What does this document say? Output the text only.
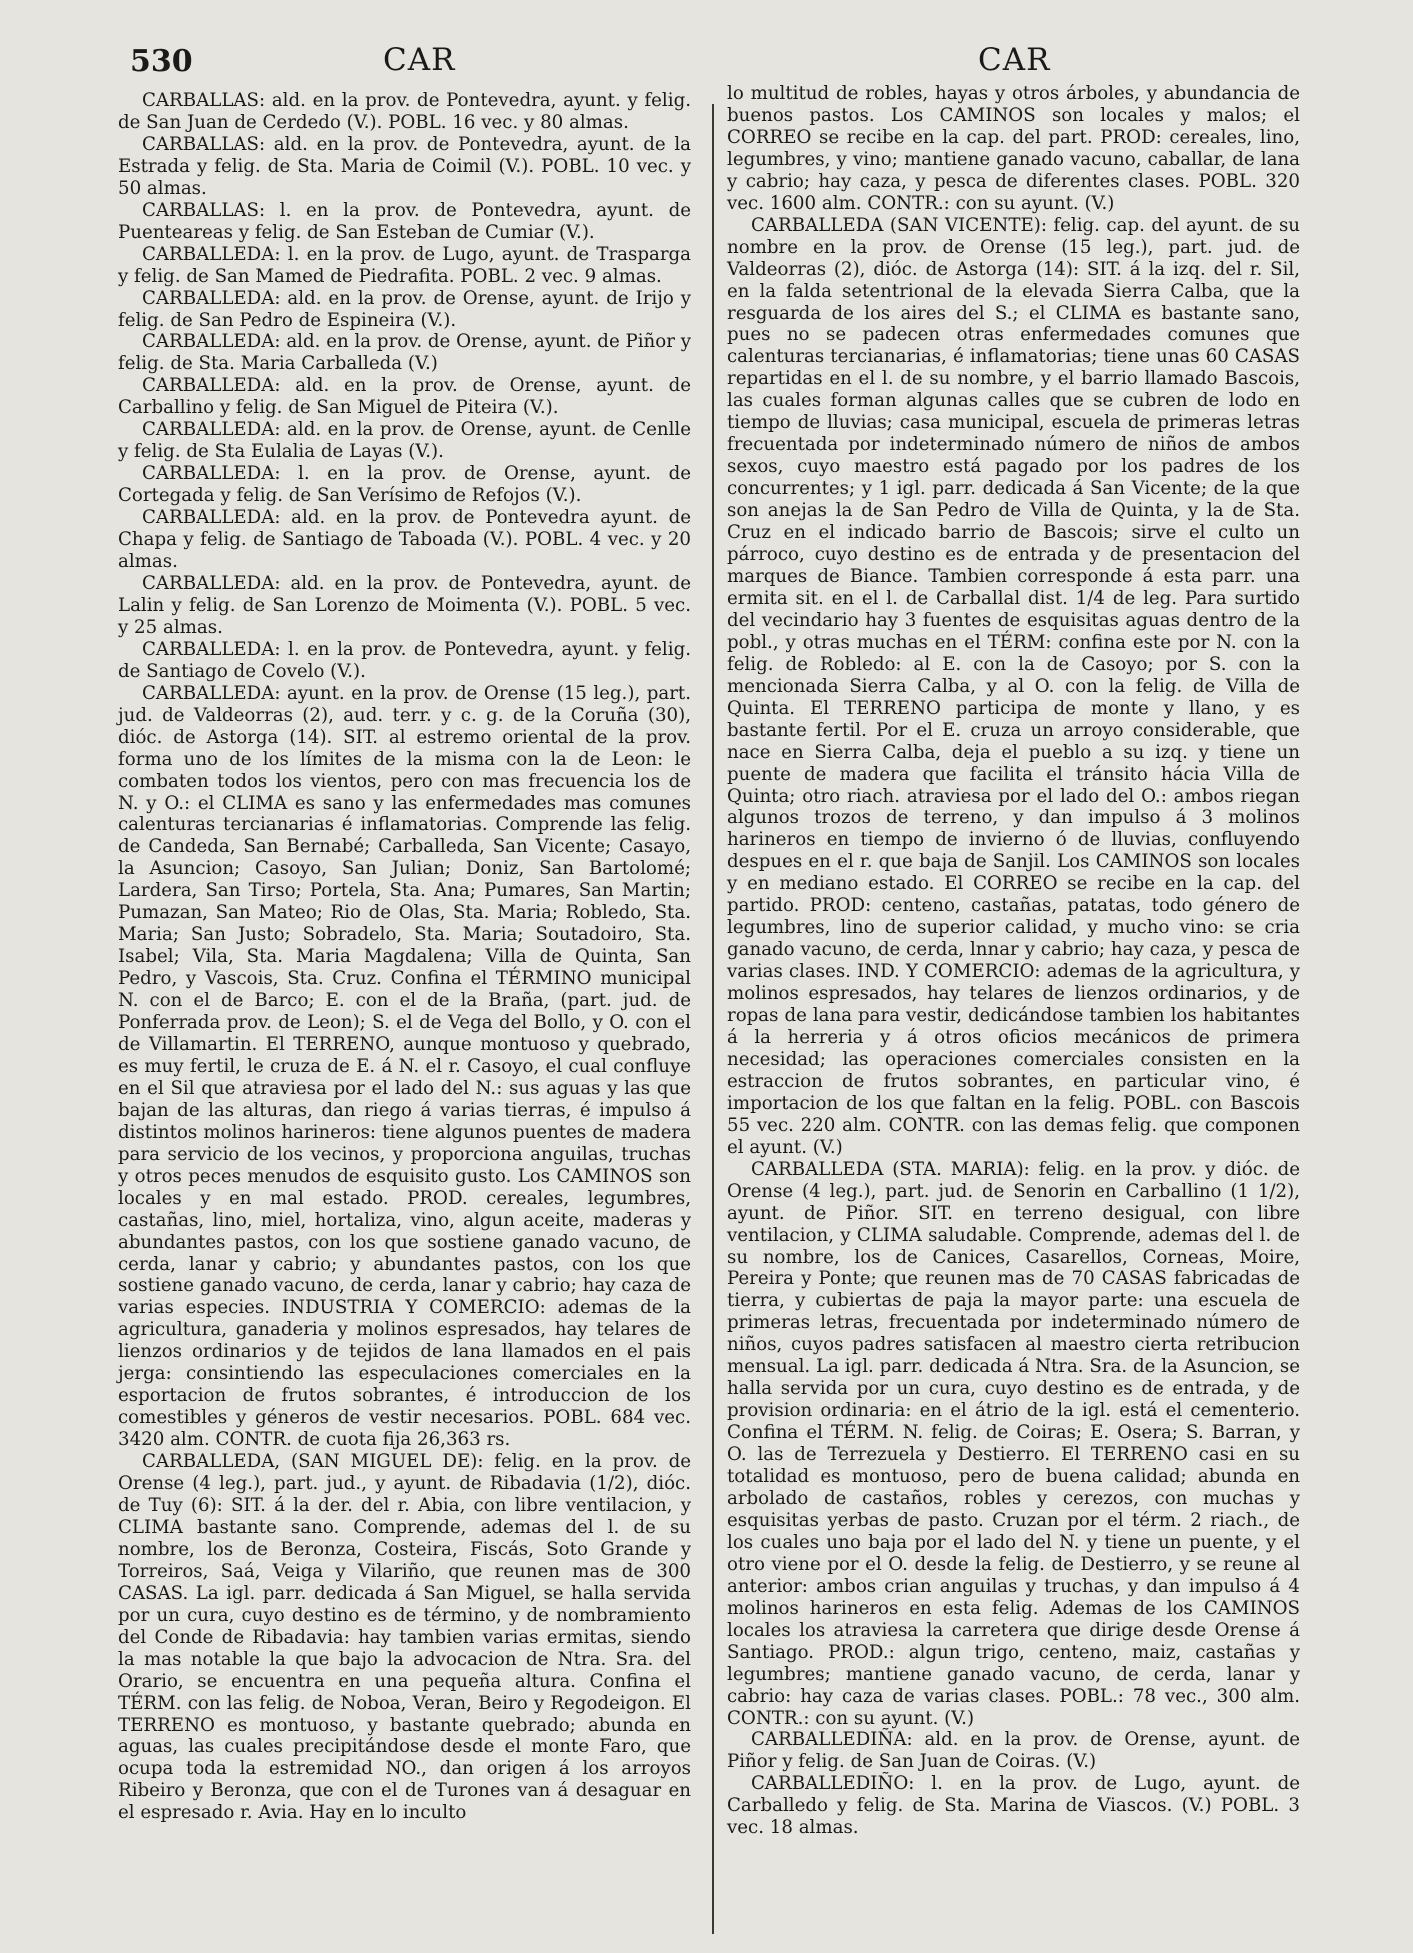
530	CAR	CAR

CARBALLAS: ald. en la prov. de Pontevedra, ayunt. y felig. de San Juan de Cerdedo (V.). POBL. 16 vec. y 80 almas.

CARBALLAS: ald. en la prov. de Pontevedra, ayunt. de la Estrada y felig. de Sta. Maria de Coimil (V.). POBL. 10 vec. y 50 almas.

CARBALLAS: l. en la prov. de Pontevedra, ayunt. de Puenteareas y felig. de San Esteban de Cumiar (V.).

CARBALLEDA: l. en la prov. de Lugo, ayunt. de Trasparga y felig. de San Mamed de Piedrafita. POBL. 2 vec. 9 almas.

CARBALLEDA: ald. en la prov. de Orense, ayunt. de Irijo y felig. de San Pedro de Espineira (V.).

CARBALLEDA: ald. en la prov. de Orense, ayunt. de Piñor y felig. de Sta. Maria Carballeda (V.)

CARBALLEDA: ald. en la prov. de Orense, ayunt. de Carballino y felig. de San Miguel de Piteira (V.).

CARBALLEDA: ald. en la prov. de Orense, ayunt. de Cenlle y felig. de Sta Eulalia de Layas (V.).

CARBALLEDA: l. en la prov. de Orense, ayunt. de Cortegada y felig. de San Verísimo de Refojos (V.).

CARBALLEDA: ald. en la prov. de Pontevedra ayunt. de Chapa y felig. de Santiago de Taboada (V.). POBL. 4 vec. y 20 almas.

CARBALLEDA: ald. en la prov. de Pontevedra, ayunt. de Lalin y felig. de San Lorenzo de Moimenta (V.). POBL. 5 vec. y 25 almas.

CARBALLEDA: l. en la prov. de Pontevedra, ayunt. y felig. de Santiago de Covelo (V.).

CARBALLEDA: ayunt. en la prov. de Orense (15 leg.), part. jud. de Valdeorras (2), aud. terr. y c. g. de la Coruña (30), dióc. de Astorga (14). SIT. al estremo oriental de la prov. forma uno de los límites de la misma con la de Leon: le combaten todos los vientos, pero con mas frecuencia los de N. y O.: el CLIMA es sano y las enfermedades mas comunes calenturas tercianarias é inflamatorias. Comprende las felig. de Candeda, San Bernabé; Carballeda, San Vicente; Casayo, la Asuncion; Casoyo, San Julian; Doniz, San Bartolomé; Lardera, San Tirso; Portela, Sta. Ana; Pumares, San Martin; Pumazan, San Mateo; Rio de Olas, Sta. Maria; Robledo, Sta. Maria; San Justo; Sobradelo, Sta. Maria; Soutadoiro, Sta. Isabel; Vila, Sta. Maria Magdalena; Villa de Quinta, San Pedro, y Vascois, Sta. Cruz. Confina el TÉRMINO municipal N. con el de Barco; E. con el de la Braña, (part. jud. de Ponferrada prov. de Leon); S. el de Vega del Bollo, y O. con el de Villamartin. El TERRENO, aunque montuoso y quebrado, es muy fertil, le cruza de E. á N. el r. Casoyo, el cual confluye en el Sil que atraviesa por el lado del N.: sus aguas y las que bajan de las alturas, dan riego á varias tierras, é impulso á distintos molinos harineros: tiene algunos puentes de madera para servicio de los vecinos, y proporciona anguilas, truchas y otros peces menudos de esquisito gusto. Los CAMINOS son locales y en mal estado. PROD. cereales, legumbres, castañas, lino, miel, hortaliza, vino, algun aceite, maderas y abundantes pastos, con los que sostiene ganado vacuno, de cerda, lanar y cabrio; y abundantes pastos, con los que sostiene ganado vacuno, de cerda, lanar y cabrio; hay caza de varias especies. INDUSTRIA Y COMERCIO: ademas de la agricultura, ganaderia y molinos espresados, hay telares de lienzos ordinarios y de tejidos de lana llamados en el pais jerga: consintiendo las especulaciones comerciales en la esportacion de frutos sobrantes, é introduccion de los comestibles y géneros de vestir necesarios. POBL. 684 vec. 3420 alm. CONTR. de cuota fija 26,363 rs.

CARBALLEDA, (SAN MIGUEL DE): felig. en la prov. de Orense (4 leg.), part. jud., y ayunt. de Ribadavia (1/2), dióc. de Tuy (6): SIT. á la der. del r. Abia, con libre ventilacion, y CLIMA bastante sano. Comprende, ademas del l. de su nombre, los de Beronza, Costeira, Fiscás, Soto Grande y Torreiros, Saá, Veiga y Vilariño, que reunen mas de 300 CASAS. La igl. parr. dedicada á San Miguel, se halla servida por un cura, cuyo destino es de término, y de nombramiento del Conde de Ribadavia: hay tambien varias ermitas, siendo la mas notable la que bajo la advocacion de Ntra. Sra. del Orario, se encuentra en una pequeña altura. Confina el TÉRM. con las felig. de Noboa, Veran, Beiro y Regodeigon. El TERRENO es montuoso, y bastante quebrado; abunda en aguas, las cuales precipitándose desde el monte Faro, que ocupa toda la estremidad NO., dan origen á los arroyos Ribeiro y Beronza, que con el de Turones van á desaguar en el espresado r. Avia. Hay en lo inculto

lo multitud de robles, hayas y otros árboles, y abundancia de buenos pastos. Los CAMINOS son locales y malos; el CORREO se recibe en la cap. del part. PROD: cereales, lino, legumbres, y vino; mantiene ganado vacuno, caballar, de lana y cabrio; hay caza, y pesca de diferentes clases. POBL. 320 vec. 1600 alm. CONTR.: con su ayunt. (V.)

CARBALLEDA (SAN VICENTE): felig. cap. del ayunt. de su nombre en la prov. de Orense (15 leg.), part. jud. de Valdeorras (2), dióc. de Astorga (14): SIT. á la izq. del r. Sil, en la falda setentrional de la elevada Sierra Calba, que la resguarda de los aires del S.; el CLIMA es bastante sano, pues no se padecen otras enfermedades comunes que calenturas tercianarias, é inflamatorias; tiene unas 60 CASAS repartidas en el l. de su nombre, y el barrio llamado Bascois, las cuales forman algunas calles que se cubren de lodo en tiempo de lluvias; casa municipal, escuela de primeras letras frecuentada por indeterminado número de niños de ambos sexos, cuyo maestro está pagado por los padres de los concurrentes; y 1 igl. parr. dedicada á San Vicente; de la que son anejas la de San Pedro de Villa de Quinta, y la de Sta. Cruz en el indicado barrio de Bascois; sirve el culto un párroco, cuyo destino es de entrada y de presentacion del marques de Biance. Tambien corresponde á esta parr. una ermita sit. en el l. de Carballal dist. 1/4 de leg. Para surtido del vecindario hay 3 fuentes de esquisitas aguas dentro de la pobl., y otras muchas en el TÉRM: confina este por N. con la felig. de Robledo: al E. con la de Casoyo; por S. con la mencionada Sierra Calba, y al O. con la felig. de Villa de Quinta. El TERRENO participa de monte y llano, y es bastante fertil. Por el E. cruza un arroyo considerable, que nace en Sierra Calba, deja el pueblo a su izq. y tiene un puente de madera que facilita el tránsito hácia Villa de Quinta; otro riach. atraviesa por el lado del O.: ambos riegan algunos trozos de terreno, y dan impulso á 3 molinos harineros en tiempo de invierno ó de lluvias, confluyendo despues en el r. que baja de Sanjil. Los CAMINOS son locales y en mediano estado. El CORREO se recibe en la cap. del partido. PROD: centeno, castañas, patatas, todo género de legumbres, lino de superior calidad, y mucho vino: se cria ganado vacuno, de cerda, lnnar y cabrio; hay caza, y pesca de varias clases. IND. Y COMERCIO: ademas de la agricultura, y molinos espresados, hay telares de lienzos ordinarios, y de ropas de lana para vestir, dedicándose tambien los habitantes á la herreria y á otros oficios mecánicos de primera necesidad; las operaciones comerciales consisten en la estraccion de frutos sobrantes, en particular vino, é importacion de los que faltan en la felig. POBL. con Bascois 55 vec. 220 alm. CONTR. con las demas felig. que componen el ayunt. (V.)

CARBALLEDA (STA. MARIA): felig. en la prov. y dióc. de Orense (4 leg.), part. jud. de Senorin en Carballino (1 1/2), ayunt. de Piñor. SIT. en terreno desigual, con libre ventilacion, y CLIMA saludable. Comprende, ademas del l. de su nombre, los de Canices, Casarellos, Corneas, Moire, Pereira y Ponte; que reunen mas de 70 CASAS fabricadas de tierra, y cubiertas de paja la mayor parte: una escuela de primeras letras, frecuentada por indeterminado número de niños, cuyos padres satisfacen al maestro cierta retribucion mensual. La igl. parr. dedicada á Ntra. Sra. de la Asuncion, se halla servida por un cura, cuyo destino es de entrada, y de provision ordinaria: en el átrio de la igl. está el cementerio. Confina el TÉRM. N. felig. de Coiras; E. Osera; S. Barran, y O. las de Terrezuela y Destierro. El TERRENO casi en su totalidad es montuoso, pero de buena calidad; abunda en arbolado de castaños, robles y cerezos, con muchas y esquisitas yerbas de pasto. Cruzan por el térm. 2 riach., de los cuales uno baja por el lado del N. y tiene un puente, y el otro viene por el O. desde la felig. de Destierro, y se reune al anterior: ambos crian anguilas y truchas, y dan impulso á 4 molinos harineros en esta felig. Ademas de los CAMINOS locales los atraviesa la carretera que dirige desde Orense á Santiago. PROD.: algun trigo, centeno, maiz, castañas y legumbres; mantiene ganado vacuno, de cerda, lanar y cabrio: hay caza de varias clases. POBL.: 78 vec., 300 alm. CONTR.: con su ayunt. (V.)

CARBALLEDIÑA: ald. en la prov. de Orense, ayunt. de Piñor y felig. de San Juan de Coiras. (V.)

CARBALLEDIÑO: l. en la prov. de Lugo, ayunt. de Carballedo y felig. de Sta. Marina de Viascos. (V.) POBL. 3 vec. 18 almas.
